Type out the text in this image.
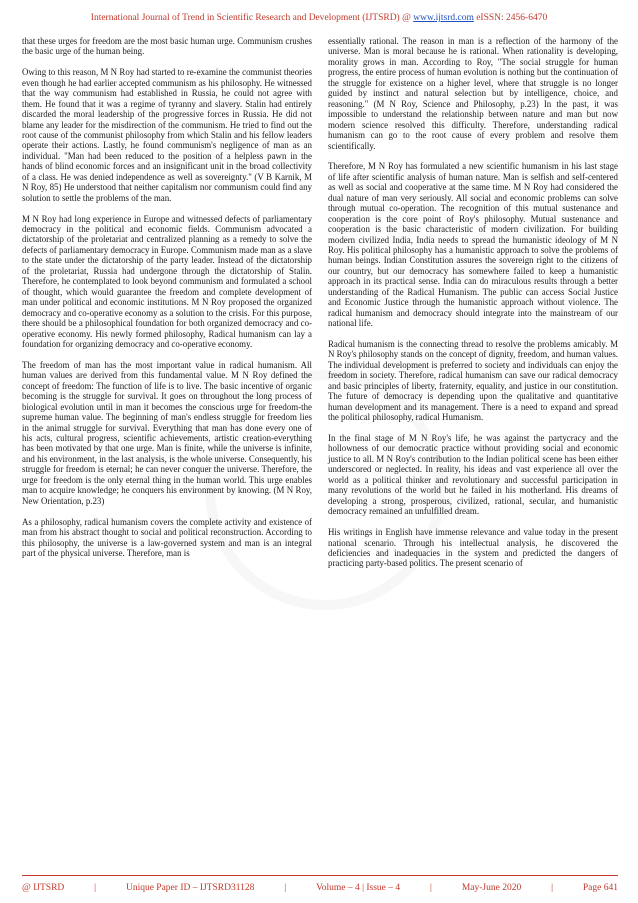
International Journal of Trend in Scientific Research and Development (IJTSRD) @ www.ijtsrd.com eISSN: 2456-6470

that these urges for freedom are the most basic human urge. Communism crushes the basic urge of the human being.

Owing to this reason, M N Roy had started to re-examine the communist theories even though he had earlier accepted communism as his philosophy. He witnessed that the way communism had established in Russia, he could not agree with them. He found that it was a regime of tyranny and slavery. Stalin had entirely discarded the moral leadership of the progressive forces in Russia. He did not blame any leader for the misdirection of the communism. He tried to find out the root cause of the communist philosophy from which Stalin and his fellow leaders operate their actions. Lastly, he found communism's negligence of man as an individual. "Man had been reduced to the position of a helpless pawn in the hands of blind economic forces and an insignificant unit in the broad collectivity of a class. He was denied independence as well as sovereignty." (V B Karnik, M N Roy, 85) He understood that neither capitalism nor communism could find any solution to settle the problems of the man.

M N Roy had long experience in Europe and witnessed defects of parliamentary democracy in the political and economic fields. Communism advocated a dictatorship of the proletariat and centralized planning as a remedy to solve the defects of parliamentary democracy in Europe. Communism made man as a slave to the state under the dictatorship of the party leader. Instead of the dictatorship of the proletariat, Russia had undergone through the dictatorship of Stalin. Therefore, he contemplated to look beyond communism and formulated a school of thought, which would guarantee the freedom and complete development of man under political and economic institutions. M N Roy proposed the organized democracy and co-operative economy as a solution to the crisis. For this purpose, there should be a philosophical foundation for both organized democracy and co-operative economy. His newly formed philosophy, Radical humanism can lay a foundation for organizing democracy and co-operative economy.

The freedom of man has the most important value in radical humanism. All human values are derived from this fundamental value. M N Roy defined the concept of freedom: The function of life is to live. The basic incentive of organic becoming is the struggle for survival. It goes on throughout the long process of biological evolution until in man it becomes the conscious urge for freedom-the supreme human value. The beginning of man's endless struggle for freedom lies in the animal struggle for survival. Everything that man has done every one of his acts, cultural progress, scientific achievements, artistic creation-everything has been motivated by that one urge. Man is finite, while the universe is infinite, and his environment, in the last analysis, is the whole universe. Consequently, his struggle for freedom is eternal; he can never conquer the universe. Therefore, the urge for freedom is the only eternal thing in the human world. This urge enables man to acquire knowledge; he conquers his environment by knowing. (M N Roy, New Orientation, p.23)

As a philosophy, radical humanism covers the complete activity and existence of man from his abstract thought to social and political reconstruction. According to this philosophy, the universe is a law-governed system and man is an integral part of the physical universe. Therefore, man is

essentially rational. The reason in man is a reflection of the harmony of the universe. Man is moral because he is rational. When rationality is developing, morality grows in man. According to Roy, "The social struggle for human progress, the entire process of human evolution is nothing but the continuation of the struggle for existence on a higher level, where that struggle is no longer guided by instinct and natural selection but by intelligence, choice, and reasoning." (M N Roy, Science and Philosophy, p.23) In the past, it was impossible to understand the relationship between nature and man but now modern science resolved this difficulty. Therefore, understanding radical humanism can go to the root cause of every problem and resolve them scientifically.

Therefore, M N Roy has formulated a new scientific humanism in his last stage of life after scientific analysis of human nature. Man is selfish and self-centered as well as social and cooperative at the same time. M N Roy had considered the dual nature of man very seriously. All social and economic problems can solve through mutual co-operation. The recognition of this mutual sustenance and cooperation is the core point of Roy's philosophy. Mutual sustenance and cooperation is the basic characteristic of modern civilization. For building modern civilized India, India needs to spread the humanistic ideology of M N Roy. His political philosophy has a humanistic approach to solve the problems of human beings. Indian Constitution assures the sovereign right to the citizens of our country, but our democracy has somewhere failed to keep a humanistic approach in its practical sense. India can do miraculous results through a better understanding of the Radical Humanism. The public can access Social Justice and Economic Justice through the humanistic approach without violence. The radical humanism and democracy should integrate into the mainstream of our national life.

Radical humanism is the connecting thread to resolve the problems amicably. M N Roy's philosophy stands on the concept of dignity, freedom, and human values. The individual development is preferred to society and individuals can enjoy the freedom in society. Therefore, radical humanism can save our radical democracy and basic principles of liberty, fraternity, equality, and justice in our constitution. The future of democracy is depending upon the qualitative and quantitative human development and its management. There is a need to expand and spread the political philosophy, radical Humanism.

In the final stage of M N Roy's life, he was against the partycracy and the hollowness of our democratic practice without providing social and economic justice to all. M N Roy's contribution to the Indian political scene has been either underscored or neglected. In reality, his ideas and vast experience all over the world as a political thinker and revolutionary and successful participation in many revolutions of the world but he failed in his motherland. His dreams of developing a strong, prosperous, civilized, rational, secular, and humanistic democracy remained an unfulfilled dream.

His writings in English have immense relevance and value today in the present national scenario. Through his intellectual analysis, he discovered the deficiencies and inadequacies in the system and predicted the dangers of practicing party-based politics. The present scenario of

@ IJTSRD	|	Unique Paper ID – IJTSRD31128	|	Volume – 4 | Issue – 4	|	May-June 2020	|	Page 641
